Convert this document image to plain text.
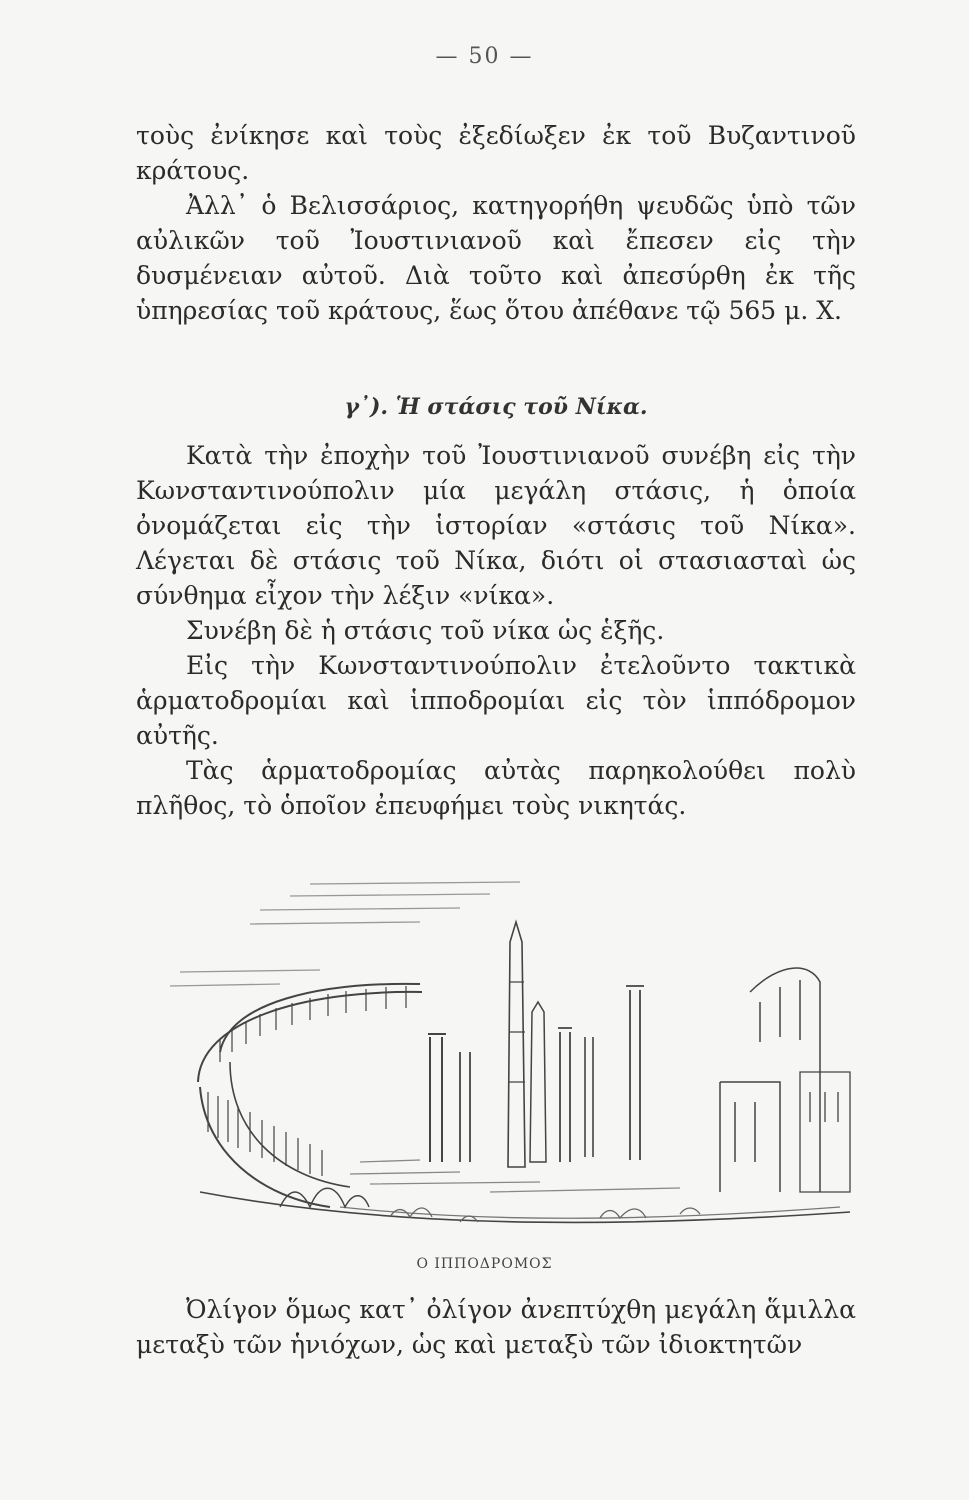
— 50 —

τοὺς ἐνίκησε καὶ τοὺς ἐξεδίωξεν ἐκ τοῦ Βυζαντινοῦ κράτους.

Ἀλλ᾽ ὁ Βελισσάριος, κατηγορήθη ψευδῶς ὑπὸ τῶν αὐλικῶν τοῦ Ἰουστινιανοῦ καὶ ἔπεσεν εἰς τὴν δυσμένειαν αὐτοῦ. Διὰ τοῦτο καὶ ἀπεσύρθη ἐκ τῆς ὑπηρεσίας τοῦ κράτους, ἕως ὅτου ἀπέθανε τῷ 565 μ. Χ.

γ᾽). Ἡ στάσις τοῦ Νίκα.

Κατὰ τὴν ἐποχὴν τοῦ Ἰουστινιανοῦ συνέβη εἰς τὴν Κωνσταντινούπολιν μία μεγάλη στάσις, ἡ ὁποία ὀνομάζεται εἰς τὴν ἱστορίαν «στάσις τοῦ Νίκα». Λέγεται δὲ στάσις τοῦ Νίκα, διότι οἱ στασιασταὶ ὡς σύνθημα εἶχον τὴν λέξιν «νίκα».

Συνέβη δὲ ἡ στάσις τοῦ νίκα ὡς ἑξῆς.

Εἰς τὴν Κωνσταντινούπολιν ἐτελοῦντο τακτικὰ ἁρματοδρομίαι καὶ ἱπποδρομίαι εἰς τὸν ἱππόδρομον αὐτῆς.

Τὰς ἁρματοδρομίας αὐτὰς παρηκολούθει πολὺ πλῆθος, τὸ ὁποῖον ἐπευφήμει τοὺς νικητάς.

Ο ΙΠΠΟΔΡΟΜΟΣ

Ὀλίγον ὅμως κατ᾽ ὀλίγον ἀνεπτύχθη μεγάλη ἅμιλλα μεταξὺ τῶν ἡνιόχων, ὡς καὶ μεταξὺ τῶν ἰδιοκτητῶν
